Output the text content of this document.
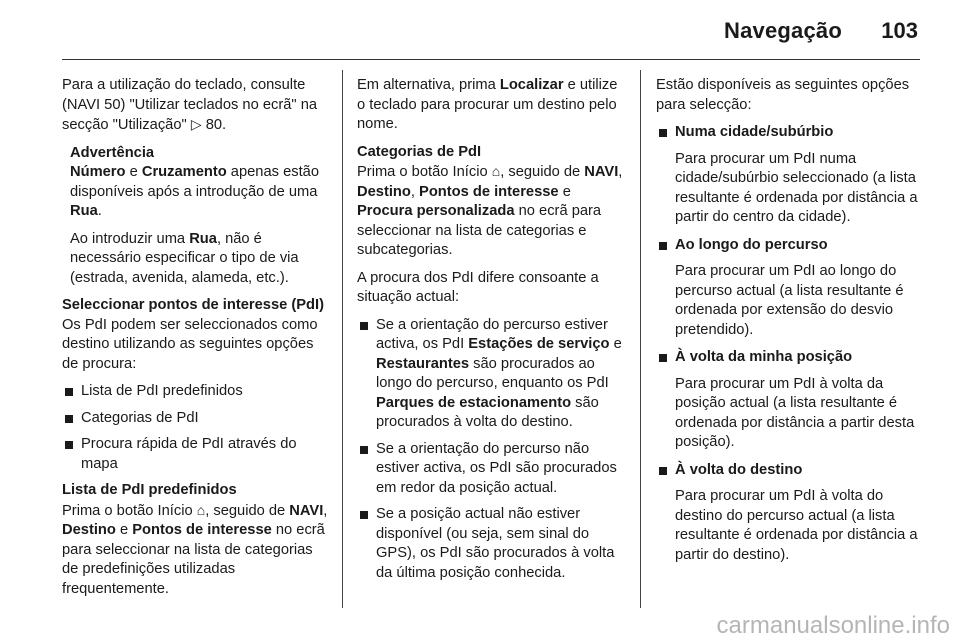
Navegação 103

Para a utilização do teclado, consulte (NAVI 50) "Utilizar teclados no ecrã" na secção "Utilização" ▷ 80.

Advertência

Número e Cruzamento apenas estão disponíveis após a introdução de uma Rua.

Ao introduzir uma Rua, não é necessário especificar o tipo de via (estrada, avenida, alameda, etc.).

Seleccionar pontos de interesse (PdI)

Os PdI podem ser seleccionados como destino utilizando as seguintes opções de procura:

Lista de PdI predefinidos
Categorias de PdI
Procura rápida de PdI através do mapa

Lista de PdI predefinidos

Prima o botão Início ⌂, seguido de NAVI, Destino e Pontos de interesse no ecrã para seleccionar na lista de categorias de predefinições utilizadas frequentemente.

Em alternativa, prima Localizar e utilize o teclado para procurar um destino pelo nome.

Categorias de PdI

Prima o botão Início ⌂, seguido de NAVI, Destino, Pontos de interesse e Procura personalizada no ecrã para seleccionar na lista de categorias e subcategorias.

A procura dos PdI difere consoante a situação actual:

Se a orientação do percurso estiver activa, os PdI Estações de serviço e Restaurantes são procurados ao longo do percurso, enquanto os PdI Parques de estacionamento são procurados à volta do destino.
Se a orientação do percurso não estiver activa, os PdI são procurados em redor da posição actual.
Se a posição actual não estiver disponível (ou seja, sem sinal do GPS), os PdI são procurados à volta da última posição conhecida.

Estão disponíveis as seguintes opções para selecção:

Numa cidade/subúrbio

Para procurar um PdI numa cidade/subúrbio seleccionado (a lista resultante é ordenada por distância a partir do centro da cidade).

Ao longo do percurso

Para procurar um PdI ao longo do percurso actual (a lista resultante é ordenada por extensão do desvio pretendido).

À volta da minha posição

Para procurar um PdI à volta da posição actual (a lista resultante é ordenada por distância a partir desta posição).

À volta do destino

Para procurar um PdI à volta do destino do percurso actual (a lista resultante é ordenada por distância a partir do destino).

carmanualsonline.info
